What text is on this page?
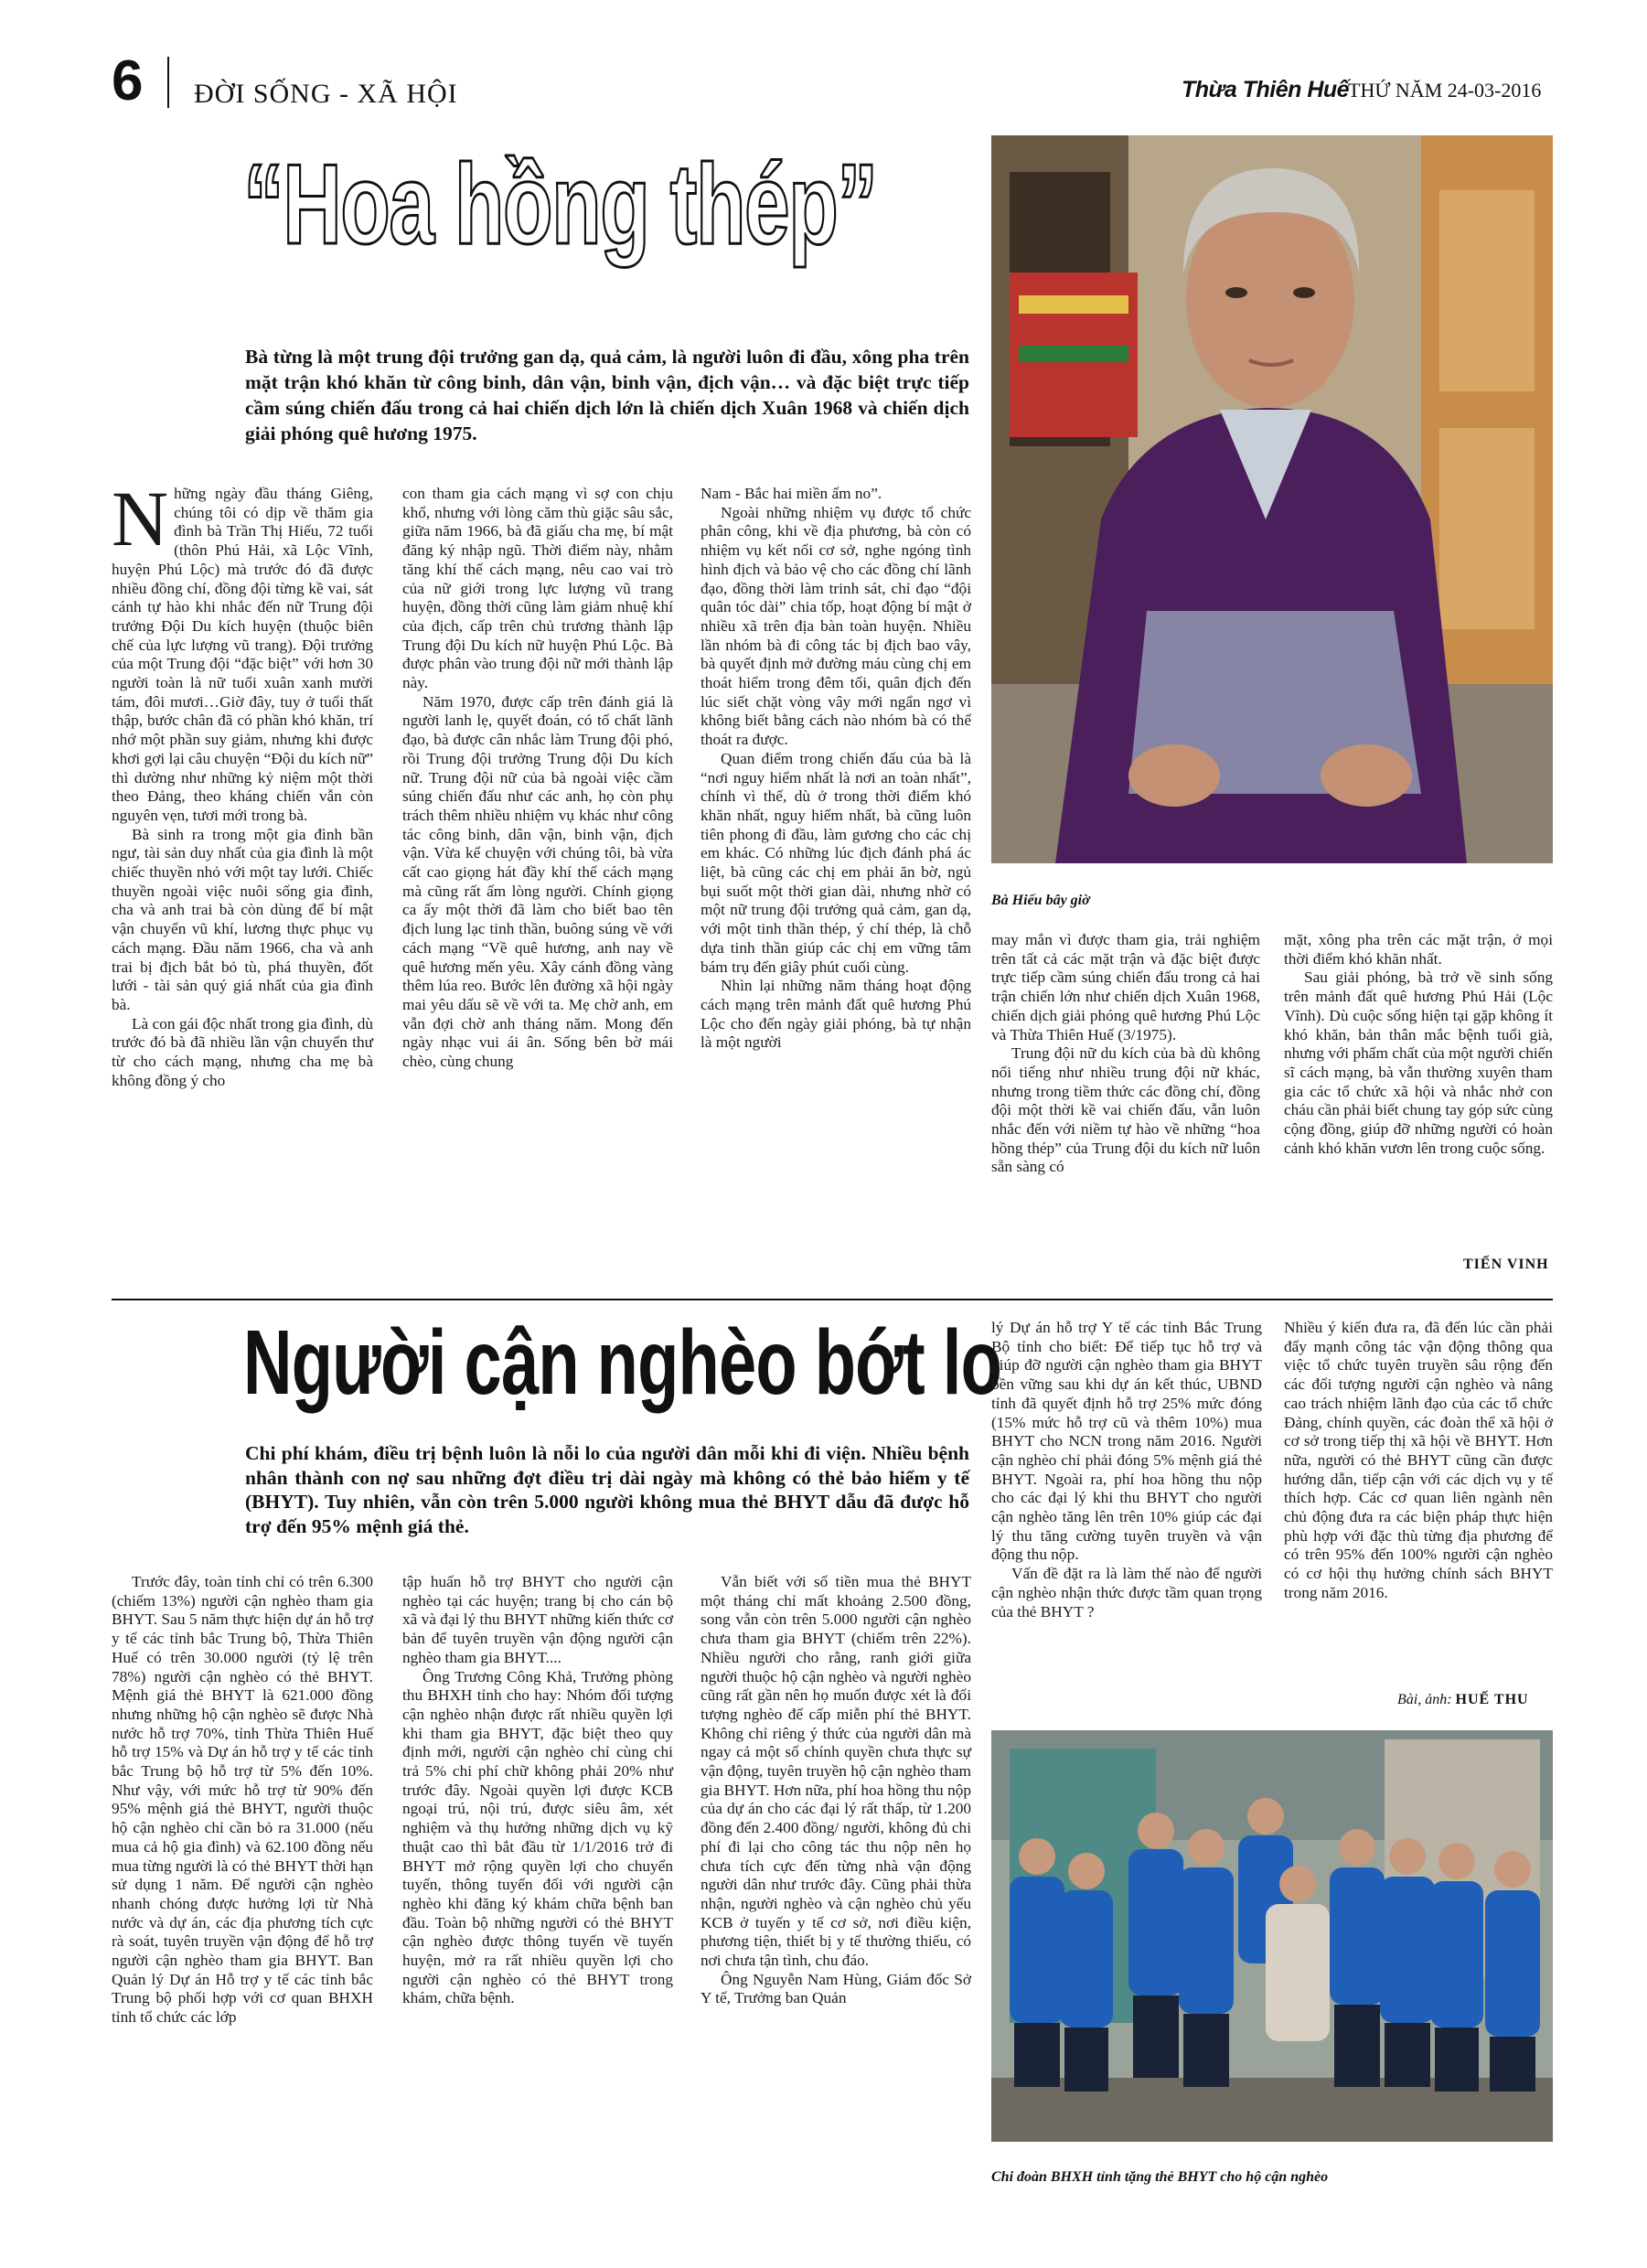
6 ĐỜI SỐNG - XÃ HỘI	Thừa Thiên Huế
THỨ NĂM 24-03-2016
“Hoa hồng thép”
Bà từng là một trung đội trưởng gan dạ, quả cảm, là người luôn đi đầu, xông pha trên mặt trận khó khăn từ công binh, dân vận, binh vận, địch vận… và đặc biệt trực tiếp cầm súng chiến đấu trong cả hai chiến dịch lớn là chiến dịch Xuân 1968 và chiến dịch giải phóng quê hương 1975.

Những ngày đầu tháng Giêng, chúng tôi có dịp về thăm gia đình bà Trần Thị Hiếu, 72 tuổi (thôn Phú Hải, xã Lộc Vĩnh, huyện Phú Lộc) mà trước đó đã được nhiều đồng chí, đồng đội từng kề vai, sát cánh tự hào khi nhắc đến nữ Trung đội trưởng Đội Du kích huyện (thuộc biên chế của lực lượng vũ trang). Đội trưởng của một Trung đội “đặc biệt” với hơn 30 người toàn là nữ tuổi xuân xanh mười tám, đôi mươi…Giờ đây, tuy ở tuổi thất thập, bước chân đã có phần khó khăn, trí nhớ một phần suy giảm, nhưng khi được khơi gợi lại câu chuyện “Đội du kích nữ” thì dường như những kỷ niệm một thời theo Đảng, theo kháng chiến vẫn còn nguyên vẹn, tươi mới trong bà.

Bà sinh ra trong một gia đình bần ngư, tài sản duy nhất của gia đình là một chiếc thuyền nhỏ với một tay lưới. Chiếc thuyền ngoài việc nuôi sống gia đình, cha và anh trai bà còn dùng để bí mật vận chuyển vũ khí, lương thực phục vụ cách mạng. Đầu năm 1966, cha và anh trai bị địch bắt bỏ tù, phá thuyền, đốt lưới - tài sản quý giá nhất của gia đình bà.

Là con gái độc nhất trong gia đình, dù trước đó bà đã nhiều lần vận chuyển thư từ cho cách mạng, nhưng cha mẹ bà không đồng ý cho

con tham gia cách mạng vì sợ con chịu khổ, nhưng với lòng căm thù giặc sâu sắc, giữa năm 1966, bà đã giấu cha mẹ, bí mật đăng ký nhập ngũ. Thời điểm này, nhằm tăng khí thế cách mạng, nêu cao vai trò của nữ giới trong lực lượng vũ trang huyện, đồng thời cũng làm giảm nhuệ khí của địch, cấp trên chủ trương thành lập Trung đội Du kích nữ huyện Phú Lộc. Bà được phân vào trung đội nữ mới thành lập này.

Năm 1970, được cấp trên đánh giá là người lanh lẹ, quyết đoán, có tố chất lãnh đạo, bà được cân nhắc làm Trung đội phó, rồi Trung đội trưởng Trung đội Du kích nữ. Trung đội nữ của bà ngoài việc cầm súng chiến đấu như các anh, họ còn phụ trách thêm nhiều nhiệm vụ khác như công tác công binh, dân vận, binh vận, địch vận. Vừa kể chuyện với chúng tôi, bà vừa cất cao giọng hát đầy khí thế cách mạng mà cũng rất ấm lòng người. Chính giọng ca ấy một thời đã làm cho biết bao tên địch lung lạc tinh thần, buông súng về với cách mạng “Về quê hương, anh nay về quê hương mến yêu. Xây cánh đồng vàng thêm lúa reo. Bước lên đường xã hội ngày mai yêu dấu sẽ về với ta. Mẹ chờ anh, em vẫn đợi chờ anh tháng năm. Mong đến ngày nhạc vui ái ân. Sống bên bờ mái chèo, cùng chung

Nam - Bắc hai miền ấm no”.

Ngoài những nhiệm vụ được tổ chức phân công, khi về địa phương, bà còn có nhiệm vụ kết nối cơ sở, nghe ngóng tình hình địch và bảo vệ cho các đồng chí lãnh đạo, đồng thời làm trinh sát, chỉ đạo “đội quân tóc dài” chia tốp, hoạt động bí mật ở nhiều xã trên địa bàn toàn huyện. Nhiều lần nhóm bà đi công tác bị địch bao vây, bà quyết định mở đường máu cùng chị em thoát hiểm trong đêm tối, quân địch đến lúc siết chặt vòng vây mới ngẩn ngơ vì không biết bằng cách nào nhóm bà có thể thoát ra được.

Quan điểm trong chiến đấu của bà là “nơi nguy hiểm nhất là nơi an toàn nhất”, chính vì thế, dù ở trong thời điểm khó khăn nhất, nguy hiểm nhất, bà cũng luôn tiên phong đi đầu, làm gương cho các chị em khác. Có những lúc địch đánh phá ác liệt, bà cũng các chị em phải ăn bờ, ngủ bụi suốt một thời gian dài, nhưng nhờ có một nữ trung đội trưởng quả cảm, gan dạ, với một tinh thần thép, ý chí thép, là chỗ dựa tinh thần giúp các chị em vững tâm bám trụ đến giây phút cuối cùng.

Nhìn lại những năm tháng hoạt động cách mạng trên mảnh đất quê hương Phú Lộc cho đến ngày giải phóng, bà tự nhận là một người

may mắn vì được tham gia, trải nghiệm trên tất cả các mặt trận và đặc biệt được trực tiếp cầm súng chiến đấu trong cả hai trận chiến lớn như chiến dịch Xuân 1968, chiến dịch giải phóng quê hương Phú Lộc và Thừa Thiên Huế (3/1975).

Trung đội nữ du kích của bà dù không nổi tiếng như nhiều trung đội nữ khác, nhưng trong tiềm thức các đồng chí, đồng đội một thời kề vai chiến đấu, vẫn luôn nhắc đến với niềm tự hào về những “hoa hồng thép” của Trung đội du kích nữ luôn sẵn sàng có

mặt, xông pha trên các mặt trận, ở mọi thời điểm khó khăn nhất.

Sau giải phóng, bà trở về sinh sống trên mảnh đất quê hương Phú Hải (Lộc Vĩnh). Dù cuộc sống hiện tại gặp không ít khó khăn, bản thân mắc bệnh tuổi già, nhưng với phẩm chất của một người chiến sĩ cách mạng, bà vẫn thường xuyên tham gia các tổ chức xã hội và nhắc nhở con cháu cần phải biết chung tay góp sức cùng cộng đồng, giúp đỡ những người có hoàn cảnh khó khăn vươn lên trong cuộc sống.

TIẾN VINH
Bà Hiếu bây giờ
Người cận nghèo bớt lo
Chi phí khám, điều trị bệnh luôn là nỗi lo của người dân mỗi khi đi viện. Nhiều bệnh nhân thành con nợ sau những đợt điều trị dài ngày mà không có thẻ bảo hiểm y tế (BHYT). Tuy nhiên, vẫn còn trên 5.000 người không mua thẻ BHYT dẫu đã được hỗ trợ đến 95% mệnh giá thẻ.

Trước đây, toàn tỉnh chỉ có trên 6.300 (chiếm 13%) người cận nghèo tham gia BHYT. Sau 5 năm thực hiện dự án hỗ trợ y tế các tỉnh bắc Trung bộ, Thừa Thiên Huế có trên 30.000 người (tỷ lệ trên 78%) người cận nghèo có thẻ BHYT. Mệnh giá thẻ BHYT là 621.000 đồng nhưng những hộ cận nghèo sẽ được Nhà nước hỗ trợ 70%, tỉnh Thừa Thiên Huế hỗ trợ 15% và Dự án hỗ trợ y tế các tỉnh bắc Trung bộ hỗ trợ từ 5% đến 10%. Như vậy, với mức hỗ trợ từ 90% đến 95% mệnh giá thẻ BHYT, người thuộc hộ cận nghèo chỉ cần bỏ ra 31.000 (nếu mua cả hộ gia đình) và 62.100 đồng nếu mua từng người là có thẻ BHYT thời hạn sử dụng 1 năm. Để người cận nghèo nhanh chóng được hưởng lợi từ Nhà nước và dự án, các địa phương tích cực rà soát, tuyên truyền vận động để hỗ trợ người cận nghèo tham gia BHYT. Ban Quản lý Dự án Hỗ trợ y tế các tỉnh bắc Trung bộ phối hợp với cơ quan BHXH tỉnh tổ chức các lớp

tập huấn hỗ trợ BHYT cho người cận nghèo tại các huyện; trang bị cho cán bộ xã và đại lý thu BHYT những kiến thức cơ bản để tuyên truyền vận động người cận nghèo tham gia BHYT....

Ông Trương Công Khả, Trưởng phòng thu BHXH tỉnh cho hay: Nhóm đối tượng cận nghèo nhận được rất nhiều quyền lợi khi tham gia BHYT, đặc biệt theo quy định mới, người cận nghèo chỉ cùng chi trả 5% chi phí chữ không phải 20% như trước đây. Ngoài quyền lợi được KCB ngoại trú, nội trú, được siêu âm, xét nghiệm và thụ hưởng những dịch vụ kỹ thuật cao thì bắt đầu từ 1/1/2016 trở đi BHYT mở rộng quyền lợi cho chuyển tuyến, thông tuyến đối với người cận nghèo khi đăng ký khám chữa bệnh ban đầu. Toàn bộ những người có thẻ BHYT cận nghèo được thông tuyến về tuyến huyện, mở ra rất nhiều quyền lợi cho người cận nghèo có thẻ BHYT trong khám, chữa bệnh.

Vẫn biết với số tiền mua thẻ BHYT một tháng chỉ mất khoảng 2.500 đồng, song vẫn còn trên 5.000 người cận nghèo chưa tham gia BHYT (chiếm trên 22%). Nhiều người cho rằng, ranh giới giữa người thuộc hộ cận nghèo và người nghèo cũng rất gần nên họ muốn được xét là đối tượng nghèo để cấp miễn phí thẻ BHYT. Không chỉ riêng ý thức của người dân mà ngay cả một số chính quyền chưa thực sự vận động, tuyên truyền hộ cận nghèo tham gia BHYT. Hơn nữa, phí hoa hồng thu nộp của dự án cho các đại lý rất thấp, từ 1.200 đồng đến 2.400 đồng/ người, không đủ chi phí đi lại cho công tác thu nộp nên họ chưa tích cực đến từng nhà vận động người dân như trước đây. Cũng phải thừa nhận, người nghèo và cận nghèo chủ yếu KCB ở tuyến y tế cơ sở, nơi điều kiện, phương tiện, thiết bị y tế thường thiếu, có nơi chưa tận tình, chu đáo.

Ông Nguyễn Nam Hùng, Giám đốc Sở Y tế, Trưởng ban Quản

lý Dự án hỗ trợ Y tế các tỉnh Bắc Trung Bộ tỉnh cho biết: Để tiếp tục hỗ trợ và giúp đỡ người cận nghèo tham gia BHYT bền vững sau khi dự án kết thúc, UBND tỉnh đã quyết định hỗ trợ 25% mức đóng (15% mức hỗ trợ cũ và thêm 10%) mua BHYT cho NCN trong năm 2016. Người cận nghèo chỉ phải đóng 5% mệnh giá thẻ BHYT. Ngoài ra, phí hoa hồng thu nộp cho các đại lý khi thu BHYT cho người cận nghèo tăng lên trên 10% giúp các đại lý thu tăng cường tuyên truyền và vận động thu nộp.

Vấn đề đặt ra là làm thế nào để người cận nghèo nhận thức được tầm quan trọng của thẻ BHYT ?

Nhiều ý kiến đưa ra, đã đến lúc cần phải đẩy mạnh công tác vận động thông qua việc tổ chức tuyên truyền sâu rộng đến các đối tượng người cận nghèo và nâng cao trách nhiệm lãnh đạo của các tổ chức Đảng, chính quyền, các đoàn thể xã hội ở cơ sở trong tiếp thị xã hội về BHYT. Hơn nữa, người có thẻ BHYT cũng cần được hướng dẫn, tiếp cận với các dịch vụ y tế thích hợp. Các cơ quan liên ngành nên chủ động đưa ra các biện pháp thực hiện phù hợp với đặc thù từng địa phương để có trên 95% đến 100% người cận nghèo có cơ hội thụ hưởng chính sách BHYT trong năm 2016.

Bài, ảnh: HUẾ THU
Chi đoàn BHXH tỉnh tặng thẻ BHYT cho hộ cận nghèo
